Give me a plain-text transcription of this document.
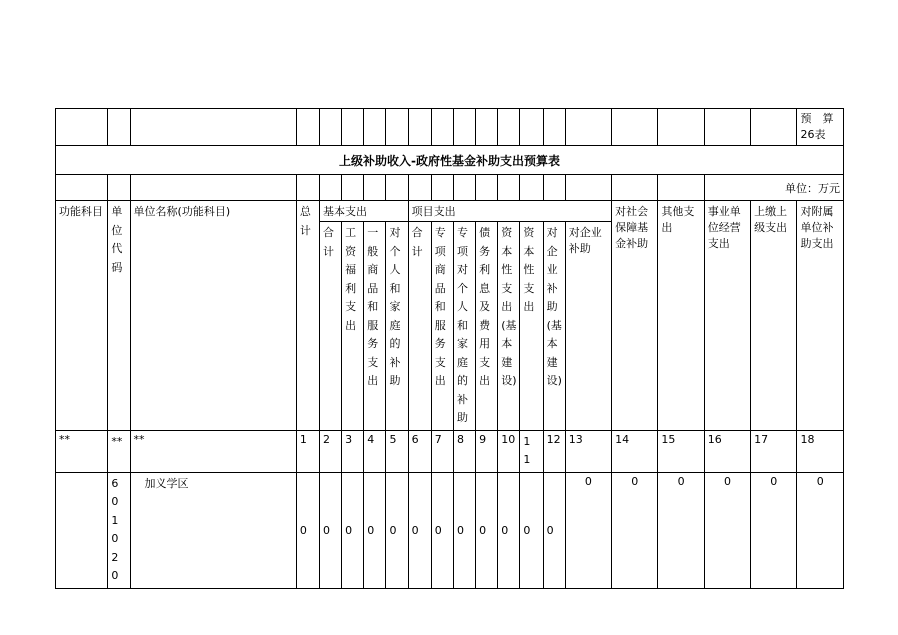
																				预　算 26表
上级补助收入-政府性基金补助支出预算表																				
																		单位：万元		
功能科目	单位代码	单位名称(功能科目)	总计	基本支出				项目支出								对社会保障基金补助	其他支出	事业单位经营支出	上缴上级支出	对附属单位补助支出

				合计	工资福利支出	一般商品和服务支出	对个人和家庭的补助	合计	专项商品和服务支出	专项对个人和家庭的补助	债务利息及费用支出	资本性支出(基本建设)	资本性支出	对企业补助(基本建设)	对企业补助					
**	**	**	1	2	3	4	5	6	7	8	9	10	11	12	13	14	15	16	17	18

	601020	加义学区	0	0	0	0	0	0	0	0	0	0	0	0	0	0	0	0	0	0
